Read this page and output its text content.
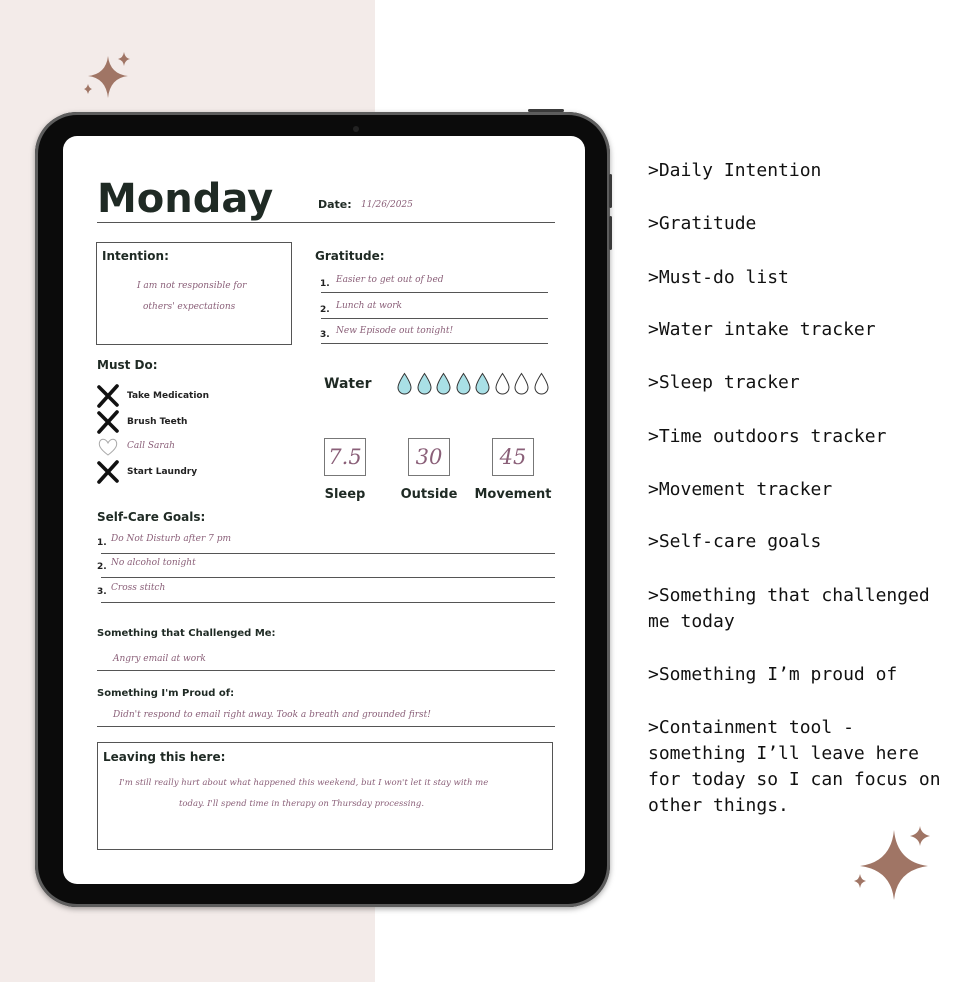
Monday	Date: 11/26/2025
Intention:
I am not responsible for
others' expectations
Gratitude:
1. Easier to get out of bed
2. Lunch at work
3. New Episode out tonight!
Must Do:
Take Medication
Brush Teeth
Call Sarah
Start Laundry
Water
7.5	30	45
Sleep	Outside	Movement
Self-Care Goals:
1. Do Not Disturb after 7 pm
2. No alcohol tonight
3. Cross stitch
Something that Challenged Me:
Angry email at work
Something I'm Proud of:
Didn't respond to email right away. Took a breath and grounded first!
Leaving this here:
I'm still really hurt about what happened this weekend, but I won't let it stay with me
today. I'll spend time in therapy on Thursday processing.
>Daily Intention
>Gratitude
>Must-do list
>Water intake tracker
>Sleep tracker
>Time outdoors tracker
>Movement tracker
>Self-care goals
>Something that challenged me today
>Something I’m proud of
>Containment tool - something I’ll leave here for today so I can focus on other things.
